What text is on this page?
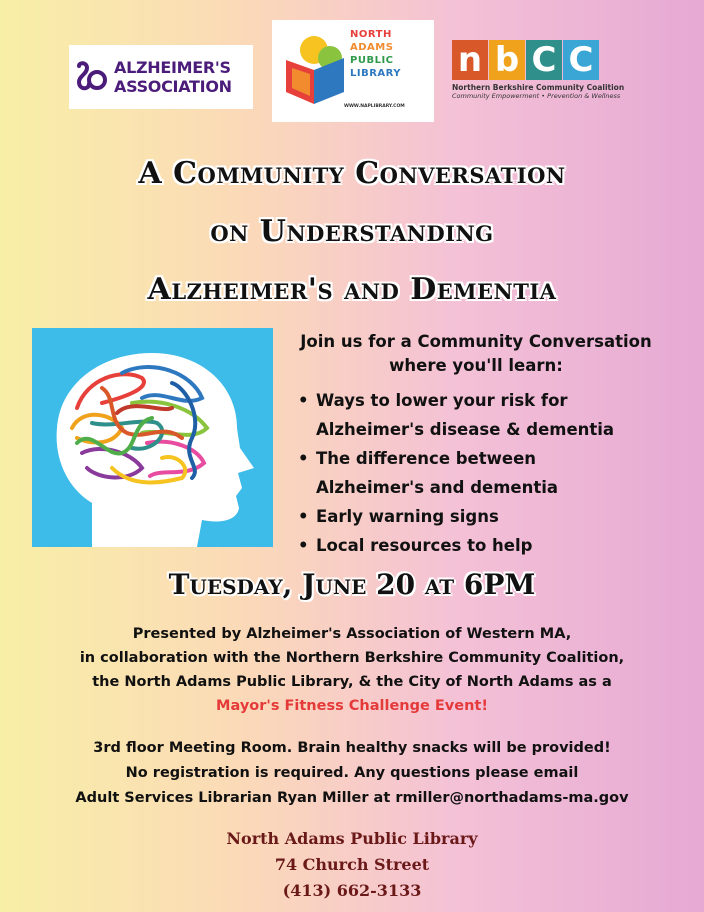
ALZHEIMER'S
ASSOCIATION
NORTH
ADAMS
PUBLIC
LIBRARY
WWW.NAPLIBRARY.COM
n b C C
Northern Berkshire Community Coalition
Community Empowerment • Prevention & Wellness
A Community Conversation
on Understanding
Alzheimer's and Dementia
Join us for a Community Conversation
where you'll learn:
• Ways to lower your risk for Alzheimer's disease & dementia
• The difference between Alzheimer's and dementia
• Early warning signs
• Local resources to help
Tuesday, June 20 at 6PM
Presented by Alzheimer's Association of Western MA,
in collaboration with the Northern Berkshire Community Coalition,
the North Adams Public Library, & the City of North Adams as a
Mayor's Fitness Challenge Event!
3rd floor Meeting Room. Brain healthy snacks will be provided!
No registration is required. Any questions please email
Adult Services Librarian Ryan Miller at rmiller@northadams-ma.gov
North Adams Public Library
74 Church Street
(413) 662-3133
